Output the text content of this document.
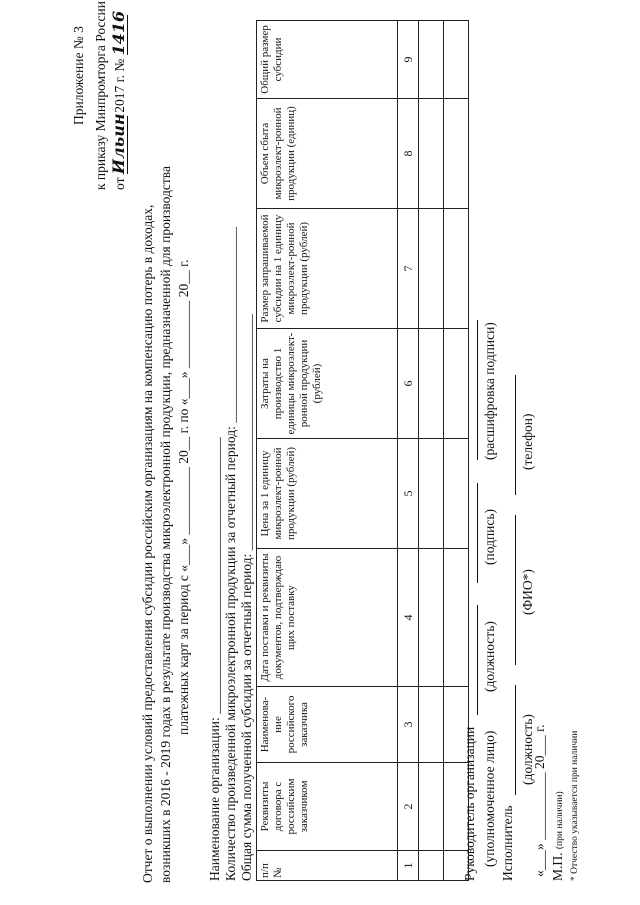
Приложение № 3 к приказу Минпромторга России от Ильин 2017 г. № 1416
Отчет о выполнении условий предоставления субсидии российским организациям на компенсацию потерь в доходах, возникших в 2016 - 2019 годах в результате производства микроэлектронной продукции, предназначенной для производства платежных карт за период с «___» __________ 20__ г. по «___» __________ 20__ г. Наименование организации: _________________________________________ Количество произведенной микроэлектронной продукции за отчетный период: _____________________________ Общая сумма полученной субсидии за отчетный период: ___________________________________ п/п №	Реквизиты договора с российским заказчиком	Наименова-ние российского заказчика	Дата поставки и реквизиты документов, подтверждаю щих поставку	Цена за 1 единицу микроэлект-ронной продукции (рублей)	Затраты на производство 1 единицы микроэлект-ронной продукции (рублей)	Размер запрашиваемой субсидии на 1 единицу микроэлект-ронной продукции (рублей)	Объем сбыта микроэлект-ронной продукции (единиц)	Общий размер субсидии
1	2	3	4	5	6	7	8	9

Руководитель организации (уполномоченное лицо)
(должность)
(подпись)
(расшифровка подписи)
Исполнитель
(должность)
(ФИО*)
(телефон)
«___» __________ 20___ г. М.П. (при наличии) * Отчество указывается при наличии
